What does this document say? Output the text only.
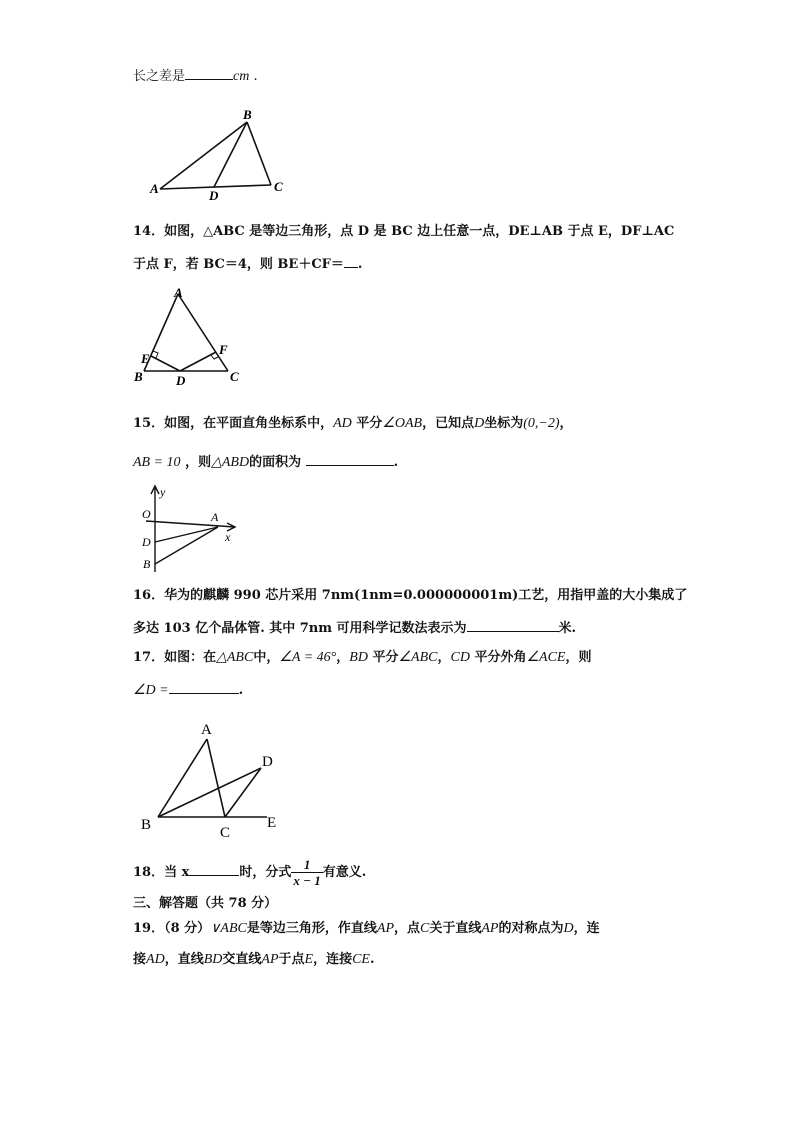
长之差是	cm .
A
B
C
D
14．如图，△ABC 是等边三角形，点 D 是 BC 边上任意一点，DE⊥AB 于点 E，DF⊥AC
于点 F，若 BC＝4，则 BE＋CF＝ .
A
B	C
D
E
F
15．如图，在平面直角坐标系中，AD 平分∠OAB，已知点D坐标为(0,−2)，
AB = 10 ，则△ABD的面积为	.
y
x
O	A
D
B
16．华为的麒麟 990 芯片采用 7nm(1nm=0.000000001m)工艺，用指甲盖的大小集成了
多达 103 亿个晶体管. 其中 7nm 可用科学记数法表示为	米.
17．如图：在△ABC中，∠A = 46°，BD 平分∠ABC，CD 平分外角∠ACE，则
∠D =	.
A
B	C
D
E
18．当 x	时，分式 $\frac{1}{x - 1}$ 有意义.
三、解答题（共 78 分）
19．（8 分）∨ABC是等边三角形，作直线AP，点C关于直线AP的对称点为D，连
接AD，直线BD交直线AP于点E，连接CE.
